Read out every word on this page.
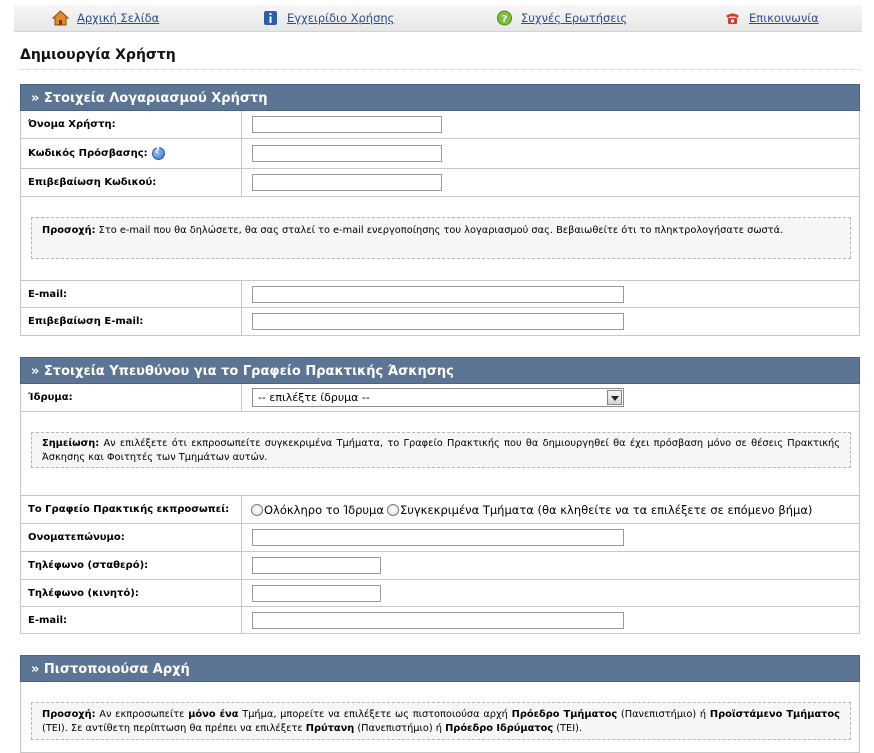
Αρχική Σελίδα	Εγχειρίδιο Χρήσης	? Συχνές Ερωτήσεις	Επικοινωνία
Δημιουργία Χρήστη
» Στοιχεία Λογαριασμού Χρήστη
Όνομα Χρήστη:
Κωδικός Πρόσβασης:
?
Επιβεβαίωση Κωδικού:
Προσοχή: Στο e-mail που θα δηλώσετε, θα σας σταλεί το e-mail ενεργοποίησης του λογαριασμού σας. Βεβαιωθείτε ότι το πληκτρολογήσατε σωστά.
E-mail:
Επιβεβαίωση E-mail:
» Στοιχεία Υπευθύνου για το Γραφείο Πρακτικής Άσκησης
Ίδρυμα:	-- επιλέξτε ίδρυμα --
Σημείωση: Αν επιλέξετε ότι εκπροσωπείτε συγκεκριμένα Τμήματα, το Γραφείο Πρακτικής που θα δημιουργηθεί θα έχει πρόσβαση μόνο σε θέσεις Πρακτικής Άσκησης και Φοιτητές των Τμημάτων αυτών.
Το Γραφείο Πρακτικής εκπροσωπεί:	Ολόκληρο το Ίδρυμα Συγκεκριμένα Τμήματα (θα κληθείτε να τα επιλέξετε σε επόμενο βήμα)
Ονοματεπώνυμο:
Τηλέφωνο (σταθερό):
Τηλέφωνο (κινητό):
E-mail:
» Πιστοποιούσα Αρχή
Προσοχή: Αν εκπροσωπείτε μόνο ένα Τμήμα, μπορείτε να επιλέξετε ως πιστοποιούσα αρχή Πρόεδρο Τμήματος (Πανεπιστήμιο) ή Προϊστάμενο Τμήματος (ΤΕΙ). Σε αντίθετη περίπτωση θα πρέπει να επιλέξετε Πρύτανη (Πανεπιστήμιο) ή Πρόεδρο Ιδρύματος (ΤΕΙ).
